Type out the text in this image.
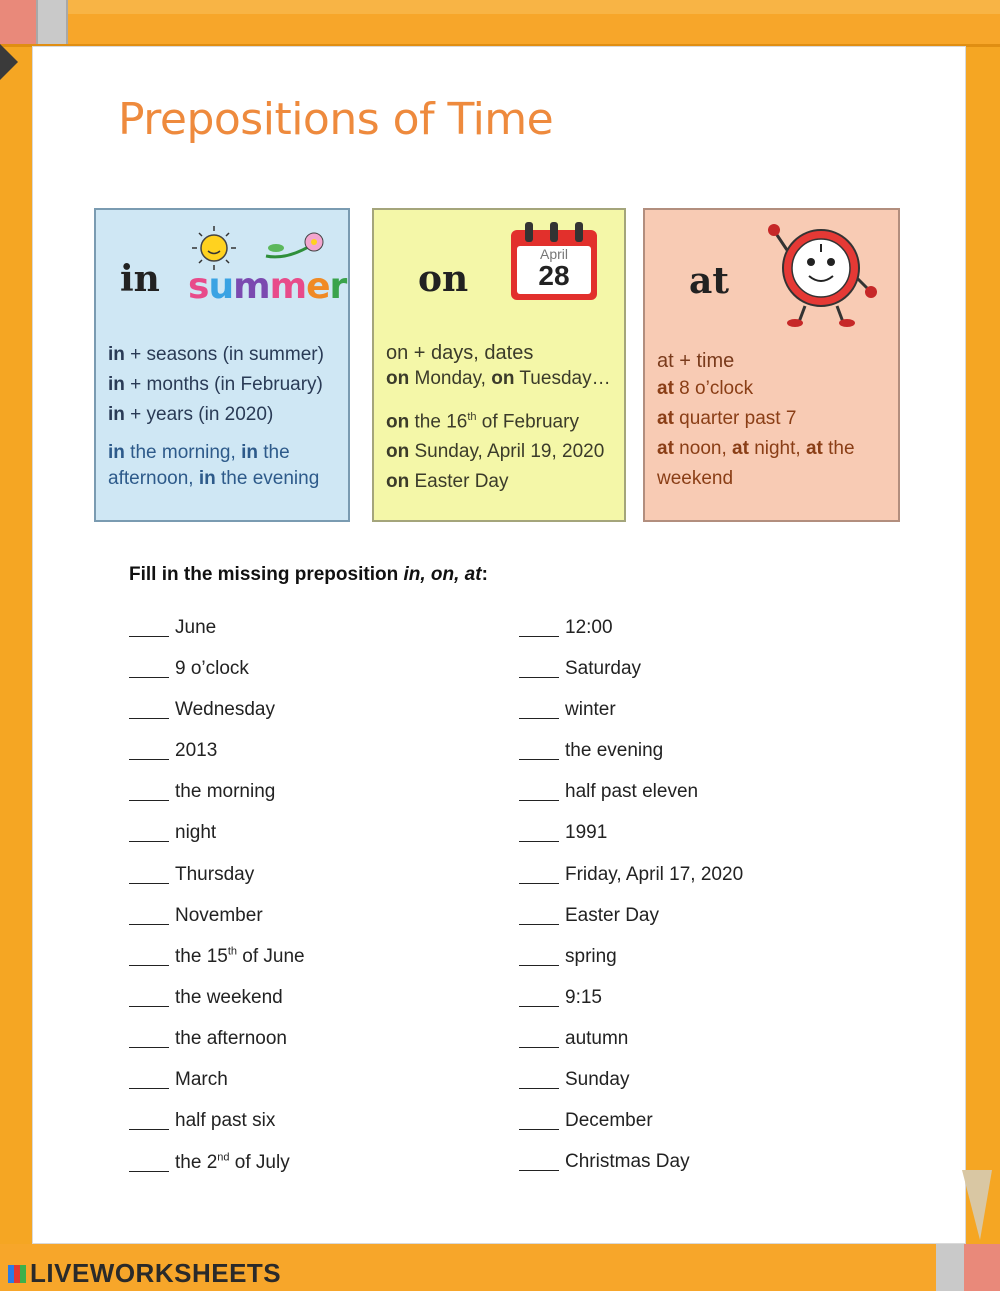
Prepositions of Time
in summer
in + seasons (in summer)
in + months (in February)
in + years (in 2020)
in the morning, in the
afternoon, in the evening
on
April
28
on + days, dates
on Monday, on Tuesday…
on the 16th of February
on Sunday, April 19, 2020
on Easter Day
at
at + time
at 8 o’clock
at quarter past 7
at noon, at night, at the
weekend
Fill in the missing preposition in, on, at:
June
9 o’clock
Wednesday
2013
the morning
night
Thursday
November
the 15th of June
the weekend
the afternoon
March
half past six
the 2nd of July
12:00
Saturday
winter
the evening
half past eleven
1991
Friday, April 17, 2020
Easter Day
spring
9:15
autumn
Sunday
December
Christmas Day
LIVEWORKSHEETS
